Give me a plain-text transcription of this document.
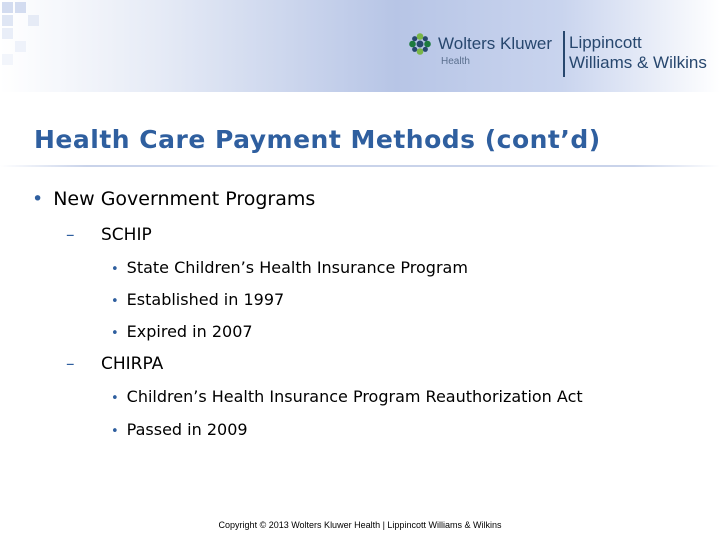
Wolters Kluwer
Health
Lippincott
Williams & Wilkins
Health Care Payment Methods (cont’d)
• New Government Programs
– SCHIP
• State Children’s Health Insurance Program
• Established in 1997
• Expired in 2007
– CHIRPA
• Children’s Health Insurance Program Reauthorization Act
• Passed in 2009
Copyright © 2013 Wolters Kluwer Health | Lippincott Williams & Wilkins
